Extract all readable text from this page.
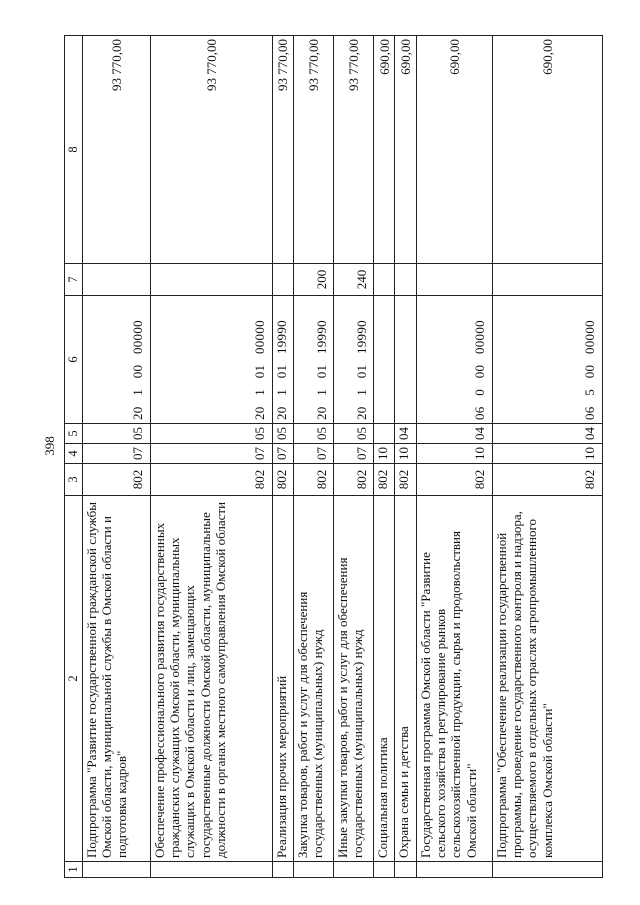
398
1	2	3	4	5	6	7	8
	Подпрограмма "Развитие государственной гражданской службы Омской области, муниципальной службы в Омской области и подготовка кадров"	802	07	05	20   1   00   00000		93 770,00
	Обеспечение профессионального развития государственных гражданских служащих Омской области, муниципальных служащих в Омской области и лиц, замещающих государственные должности Омской области, муниципальные должности в органах местного самоуправления Омской области	802	07	05	20   1   01   00000		93 770,00
	Реализация прочих мероприятий	802	07	05	20   1   01   19990		93 770,00
	Закупка товаров, работ и услуг для обеспечения государственных (муниципальных) нужд	802	07	05	20   1   01   19990	200	93 770,00
	Иные закупки товаров, работ и услуг для обеспечения государственных (муниципальных) нужд	802	07	05	20   1   01   19990	240	93 770,00
	Социальная политика	802	10				690,00
	Охрана семьи и детства	802	10	04			690,00
	Государственная программа Омской области "Развитие сельского хозяйства и регулирование рынков сельскохозяйственной продукции, сырья и продовольствия Омской области"	802	10	04	06   0   00   00000		690,00
	Подпрограмма "Обеспечение реализации государственной программы, проведение государственного контроля и надзора, осуществляемого в отдельных отраслях агропромышленного комплекса Омской области"	802	10	04	06   5   00   00000		690,00
